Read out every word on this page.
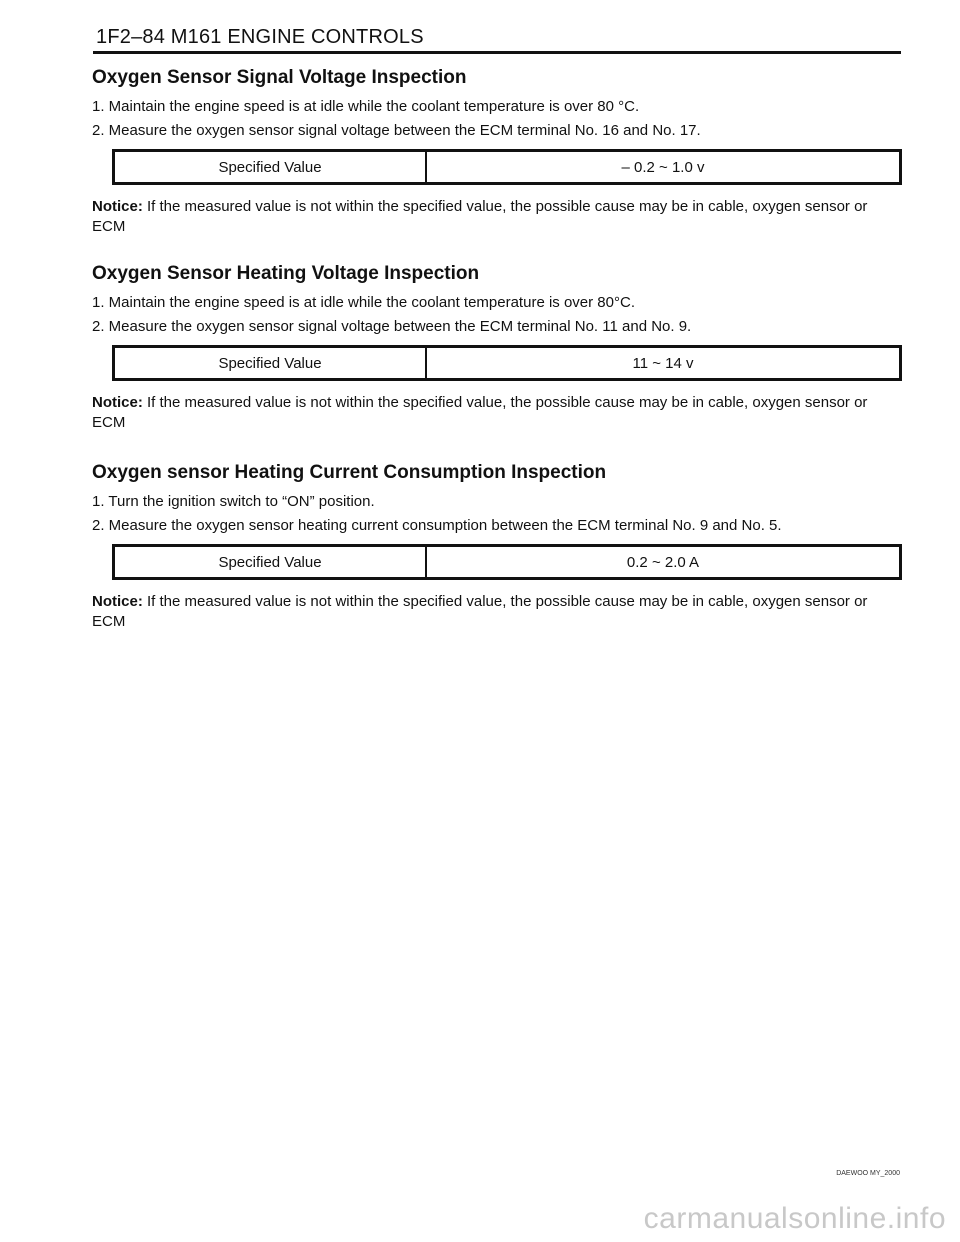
1F2–84 M161 ENGINE CONTROLS
Oxygen Sensor Signal Voltage Inspection
1. Maintain the engine speed is at idle while the coolant temperature is over 80 °C.
2. Measure the oxygen sensor signal voltage between the ECM terminal No. 16 and No. 17.
Specified Value	– 0.2 ~ 1.0 v
Notice: If the measured value is not within the specified value, the possible cause may be in cable, oxygen sensor or ECM
Oxygen Sensor Heating Voltage Inspection
1. Maintain the engine speed is at idle while the coolant temperature is over 80°C.
2. Measure the oxygen sensor signal voltage between the ECM terminal No. 11 and No. 9.
Specified Value	11 ~ 14 v
Notice: If the measured value is not within the specified value, the possible cause may be in cable, oxygen sensor or ECM
Oxygen sensor Heating Current Consumption Inspection
1. Turn the ignition switch to “ON” position.
2. Measure the oxygen sensor heating current consumption between the ECM terminal No. 9 and No. 5.
Specified Value	0.2 ~ 2.0 A
Notice: If the measured value is not within the specified value, the possible cause may be in cable, oxygen sensor or ECM
DAEWOO MY_2000
carmanualsonline.info
